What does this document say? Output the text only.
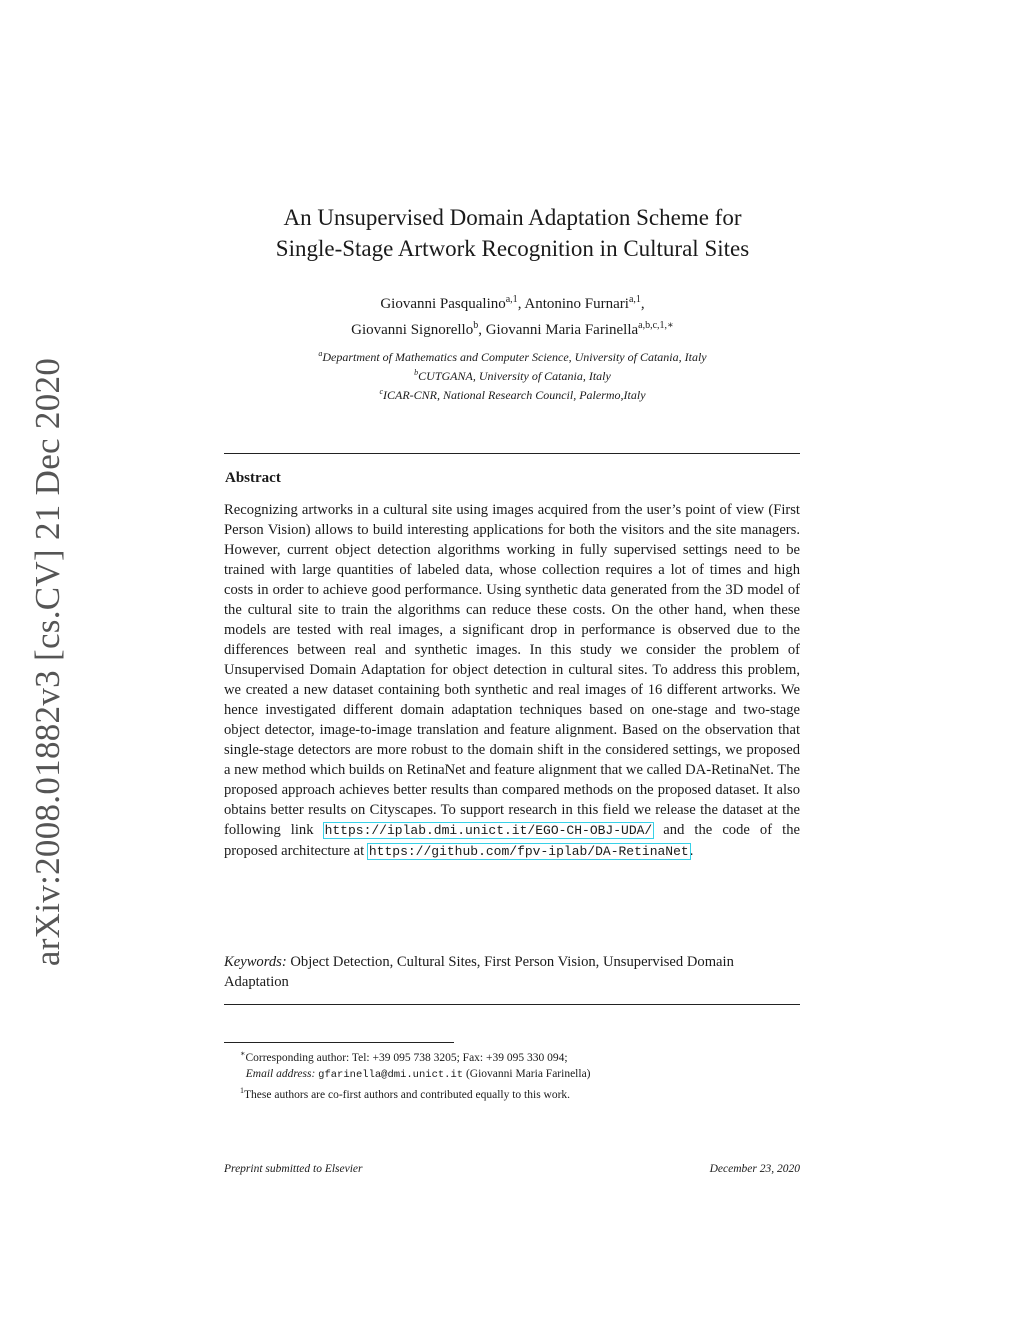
arXiv:2008.01882v3 [cs.CV] 21 Dec 2020
An Unsupervised Domain Adaptation Scheme for
Single-Stage Artwork Recognition in Cultural Sites
Giovanni Pasqualino$^{a,1}$, Antonino Furnari$^{a,1}$,
Giovanni Signorello$^b$, Giovanni Maria Farinella$^{a,b,c,1,∗}$
$^a$Department of Mathematics and Computer Science, University of Catania, Italy
$^b$CUTGANA, University of Catania, Italy
$^c$ICAR-CNR, National Research Council, Palermo,Italy
Abstract
Recognizing artworks in a cultural site using images acquired from the user’s point of view (First Person Vision) allows to build interesting applications for both the visitors and the site managers. However, current object detection algorithms working in fully supervised settings need to be trained with large quantities of labeled data, whose collection requires a lot of times and high costs in order to achieve good performance. Using synthetic data generated from the 3D model of the cultural site to train the algorithms can reduce these costs. On the other hand, when these models are tested with real images, a significant drop in performance is observed due to the differences between real and synthetic images. In this study we consider the problem of Unsupervised Domain Adaptation for object detection in cultural sites. To address this problem, we created a new dataset containing both synthetic and real images of 16 different artworks. We hence investigated different domain adaptation techniques based on one-stage and two-stage object detector, image-to-image translation and feature alignment. Based on the observation that single-stage detectors are more robust to the domain shift in the considered settings, we proposed a new method which builds on RetinaNet and feature alignment that we called DA-RetinaNet. The proposed approach achieves better results than compared methods on the proposed dataset. It also obtains better results on Cityscapes. To support research in this field we release the dataset at the following link https://iplab.dmi.unict.it/EGO-CH-OBJ-UDA/ and the code of the proposed architecture at https://github.com/fpv-iplab/DA-RetinaNet.
Keywords: Object Detection, Cultural Sites, First Person Vision, Unsupervised Domain Adaptation
∗Corresponding author: Tel: +39 095 738 3205; Fax: +39 095 330 094;
Email address: gfarinella@dmi.unict.it (Giovanni Maria Farinella)
$^1$These authors are co-first authors and contributed equally to this work.
Preprint submitted to Elsevier	December 23, 2020
